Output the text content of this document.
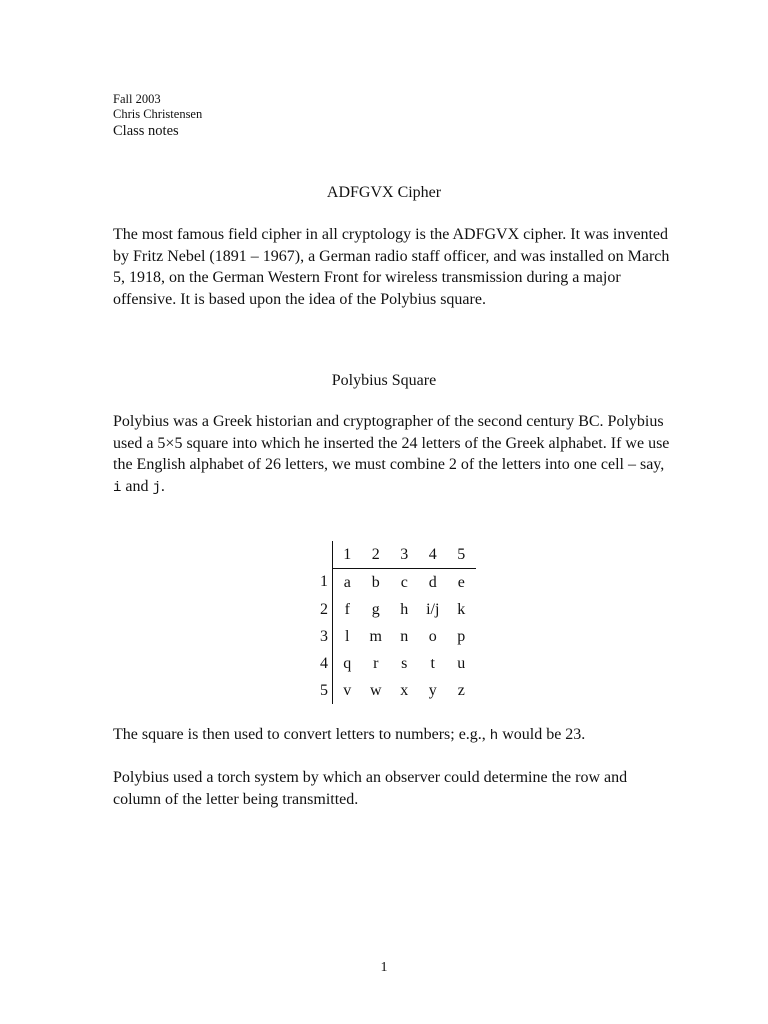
Fall 2003
Chris Christensen
Class notes
ADFGVX Cipher
The most famous field cipher in all cryptology is the ADFGVX cipher. It was invented by Fritz Nebel (1891 – 1967), a German radio staff officer, and was installed on March 5, 1918, on the German Western Front for wireless transmission during a major offensive. It is based upon the idea of the Polybius square.
Polybius Square
Polybius was a Greek historian and cryptographer of the second century BC. Polybius used a 5×5 square into which he inserted the 24 letters of the Greek alphabet. If we use the English alphabet of 26 letters, we must combine 2 of the letters into one cell – say, i and j.
	1	2	3	4	5
1	a	b	c	d	e
2	f	g	h	i/j	k
3	l	m	n	o	p
4	q	r	s	t	u
5	v	w	x	y	z
The square is then used to convert letters to numbers; e.g., h would be 23.
Polybius used a torch system by which an observer could determine the row and column of the letter being transmitted.
1
